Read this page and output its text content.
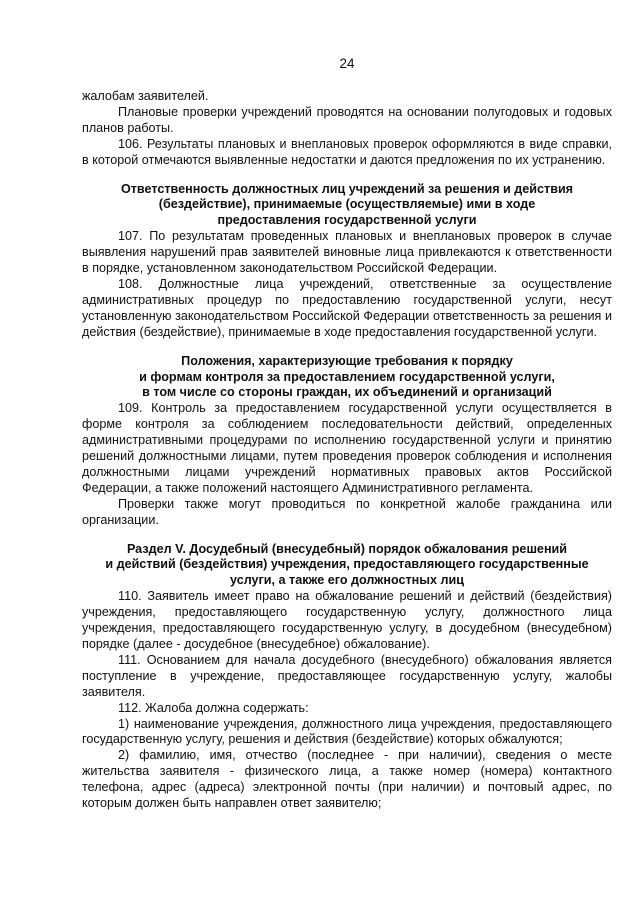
24

жалобам заявителей.

Плановые проверки учреждений проводятся на основании полугодовых и годовых планов работы.

106. Результаты плановых и внеплановых проверок оформляются в виде справки, в которой отмечаются выявленные недостатки и даются предложения по их устранению.

Ответственность должностных лиц учреждений за решения и действия
(бездействие), принимаемые (осуществляемые) ими в ходе
предоставления государственной услуги

107. По результатам проведенных плановых и внеплановых проверок в случае выявления нарушений прав заявителей виновные лица привлекаются к ответственности в порядке, установленном законодательством Российской Федерации.

108. Должностные лица учреждений, ответственные за осуществление административных процедур по предоставлению государственной услуги, несут установленную законодательством Российской Федерации ответственность за решения и действия (бездействие), принимаемые в ходе предоставления государственной услуги.

Положения, характеризующие требования к порядку
и формам контроля за предоставлением государственной услуги,
в том числе со стороны граждан, их объединений и организаций

109. Контроль за предоставлением государственной услуги осуществляется в форме контроля за соблюдением последовательности действий, определенных административными процедурами по исполнению государственной услуги и принятию решений должностными лицами, путем проведения проверок соблюдения и исполнения должностными лицами учреждений нормативных правовых актов Российской Федерации, а также положений настоящего Административного регламента.

Проверки также могут проводиться по конкретной жалобе гражданина или организации.

Раздел V. Досудебный (внесудебный) порядок обжалования решений
и действий (бездействия) учреждения, предоставляющего государственные
услуги, а также его должностных лиц

110. Заявитель имеет право на обжалование решений и действий (бездействия) учреждения, предоставляющего государственную услугу, должностного лица учреждения, предоставляющего государственную услугу, в досудебном (внесудебном) порядке (далее - досудебное (внесудебное) обжалование).

111. Основанием для начала досудебного (внесудебного) обжалования является поступление в учреждение, предоставляющее государственную услугу, жалобы заявителя.

112. Жалоба должна содержать:

1) наименование учреждения, должностного лица учреждения, предоставляющего государственную услугу, решения и действия (бездействие) которых обжалуются;

2) фамилию, имя, отчество (последнее - при наличии), сведения о месте жительства заявителя - физического лица, а также номер (номера) контактного телефона, адрес (адреса) электронной почты (при наличии) и почтовый адрес, по которым должен быть направлен ответ заявителю;
